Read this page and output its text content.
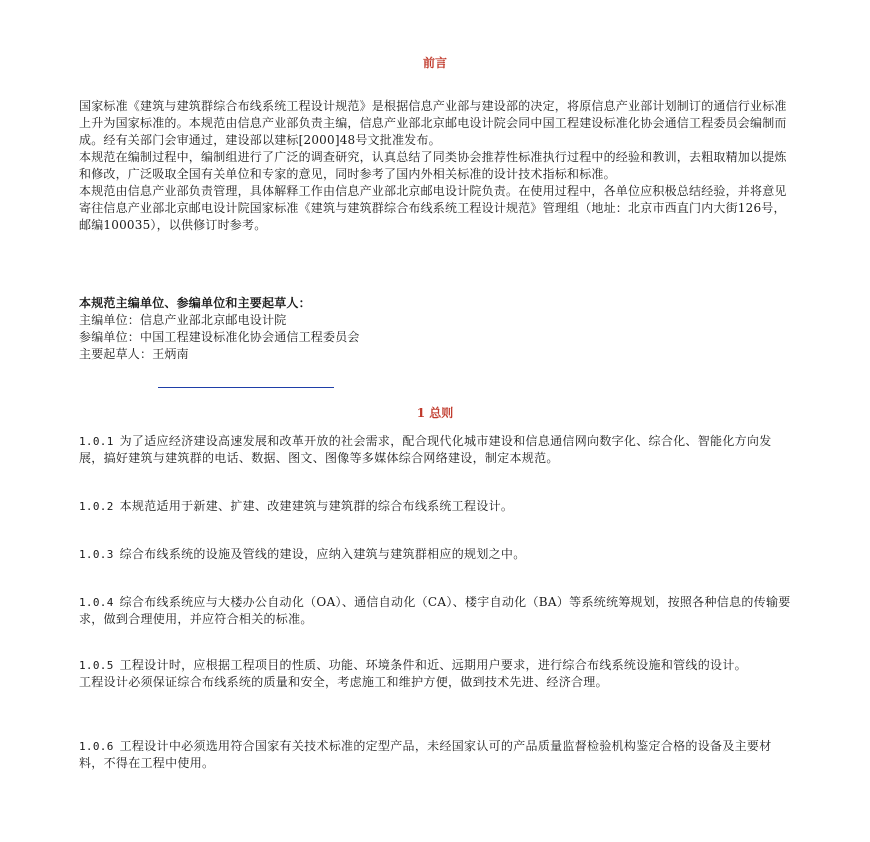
前言

国家标准《建筑与建筑群综合布线系统工程设计规范》是根据信息产业部与建设部的决定，将原信息产业部计划制订的通信行业标准上升为国家标准的。本规范由信息产业部负责主编，信息产业部北京邮电设计院会同中国工程建设标准化协会通信工程委员会编制而成。经有关部门会审通过，建设部以建标[2000]48号文批准发布。

本规范在编制过程中，编制组进行了广泛的调查研究，认真总结了同类协会推荐性标准执行过程中的经验和教训，去粗取精加以提炼和修改，广泛吸取全国有关单位和专家的意见，同时参考了国内外相关标准的设计技术指标和标准。

本规范由信息产业部负责管理，具体解释工作由信息产业部北京邮电设计院负责。在使用过程中，各单位应积极总结经验，并将意见寄往信息产业部北京邮电设计院国家标准《建筑与建筑群综合布线系统工程设计规范》管理组（地址：北京市西直门内大街126号，邮编100035），以供修订时参考。

本规范主编单位、参编单位和主要起草人：

主编单位：信息产业部北京邮电设计院

参编单位：中国工程建设标准化协会通信工程委员会

主要起草人：王炳南

1 总则

1.0.1 为了适应经济建设高速发展和改革开放的社会需求，配合现代化城市建设和信息通信网向数字化、综合化、智能化方向发展，搞好建筑与建筑群的电话、数据、图文、图像等多媒体综合网络建设，制定本规范。

1.0.2 本规范适用于新建、扩建、改建建筑与建筑群的综合布线系统工程设计。

1.0.3 综合布线系统的设施及管线的建设，应纳入建筑与建筑群相应的规划之中。

1.0.4 综合布线系统应与大楼办公自动化（OA）、通信自动化（CA）、楼宇自动化（BA）等系统统筹规划，按照各种信息的传输要求，做到合理使用，并应符合相关的标准。

1.0.5 工程设计时，应根据工程项目的性质、功能、环境条件和近、远期用户要求，进行综合布线系统设施和管线的设计。

工程设计必须保证综合布线系统的质量和安全，考虑施工和维护方便，做到技术先进、经济合理。

1.0.6 工程设计中必须选用符合国家有关技术标准的定型产品，未经国家认可的产品质量监督检验机构鉴定合格的设备及主要材料，不得在工程中使用。
